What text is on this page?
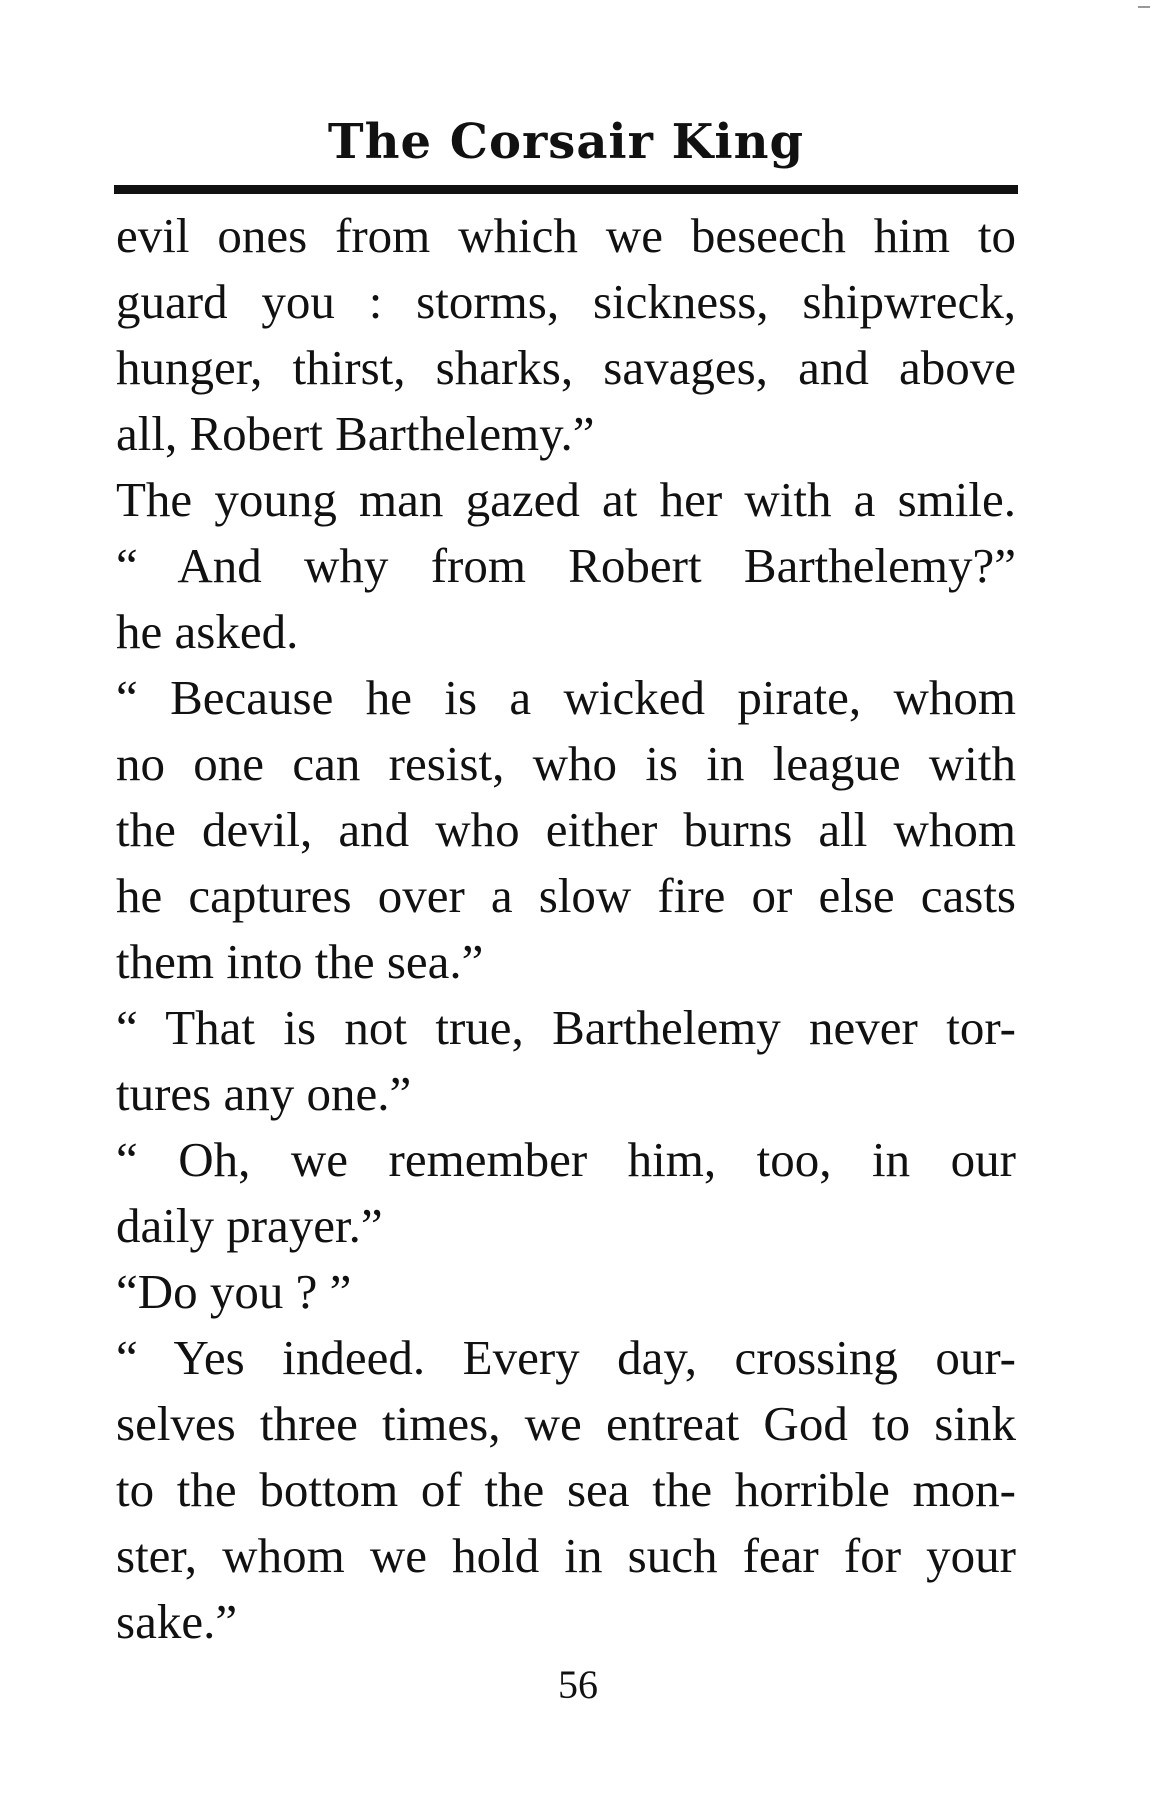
The Corsair King
evil ones from which we beseech him to
guard you : storms, sickness, shipwreck,
hunger, thirst, sharks, savages, and above
all, Robert Barthelemy.”
The young man gazed at her with a smile.
“ And why from Robert Barthelemy?”
he asked.
“ Because he is a wicked pirate, whom
no one can resist, who is in league with
the devil, and who either burns all whom
he captures over a slow fire or else casts
them into the sea.”
“ That is not true, Barthelemy never tor-
tures any one.”
“ Oh, we remember him, too, in our
daily prayer.”
“Do you ? ”
“ Yes indeed. Every day, crossing our-
selves three times, we entreat God to sink
to the bottom of the sea the horrible mon-
ster, whom we hold in such fear for your
sake.”
56
